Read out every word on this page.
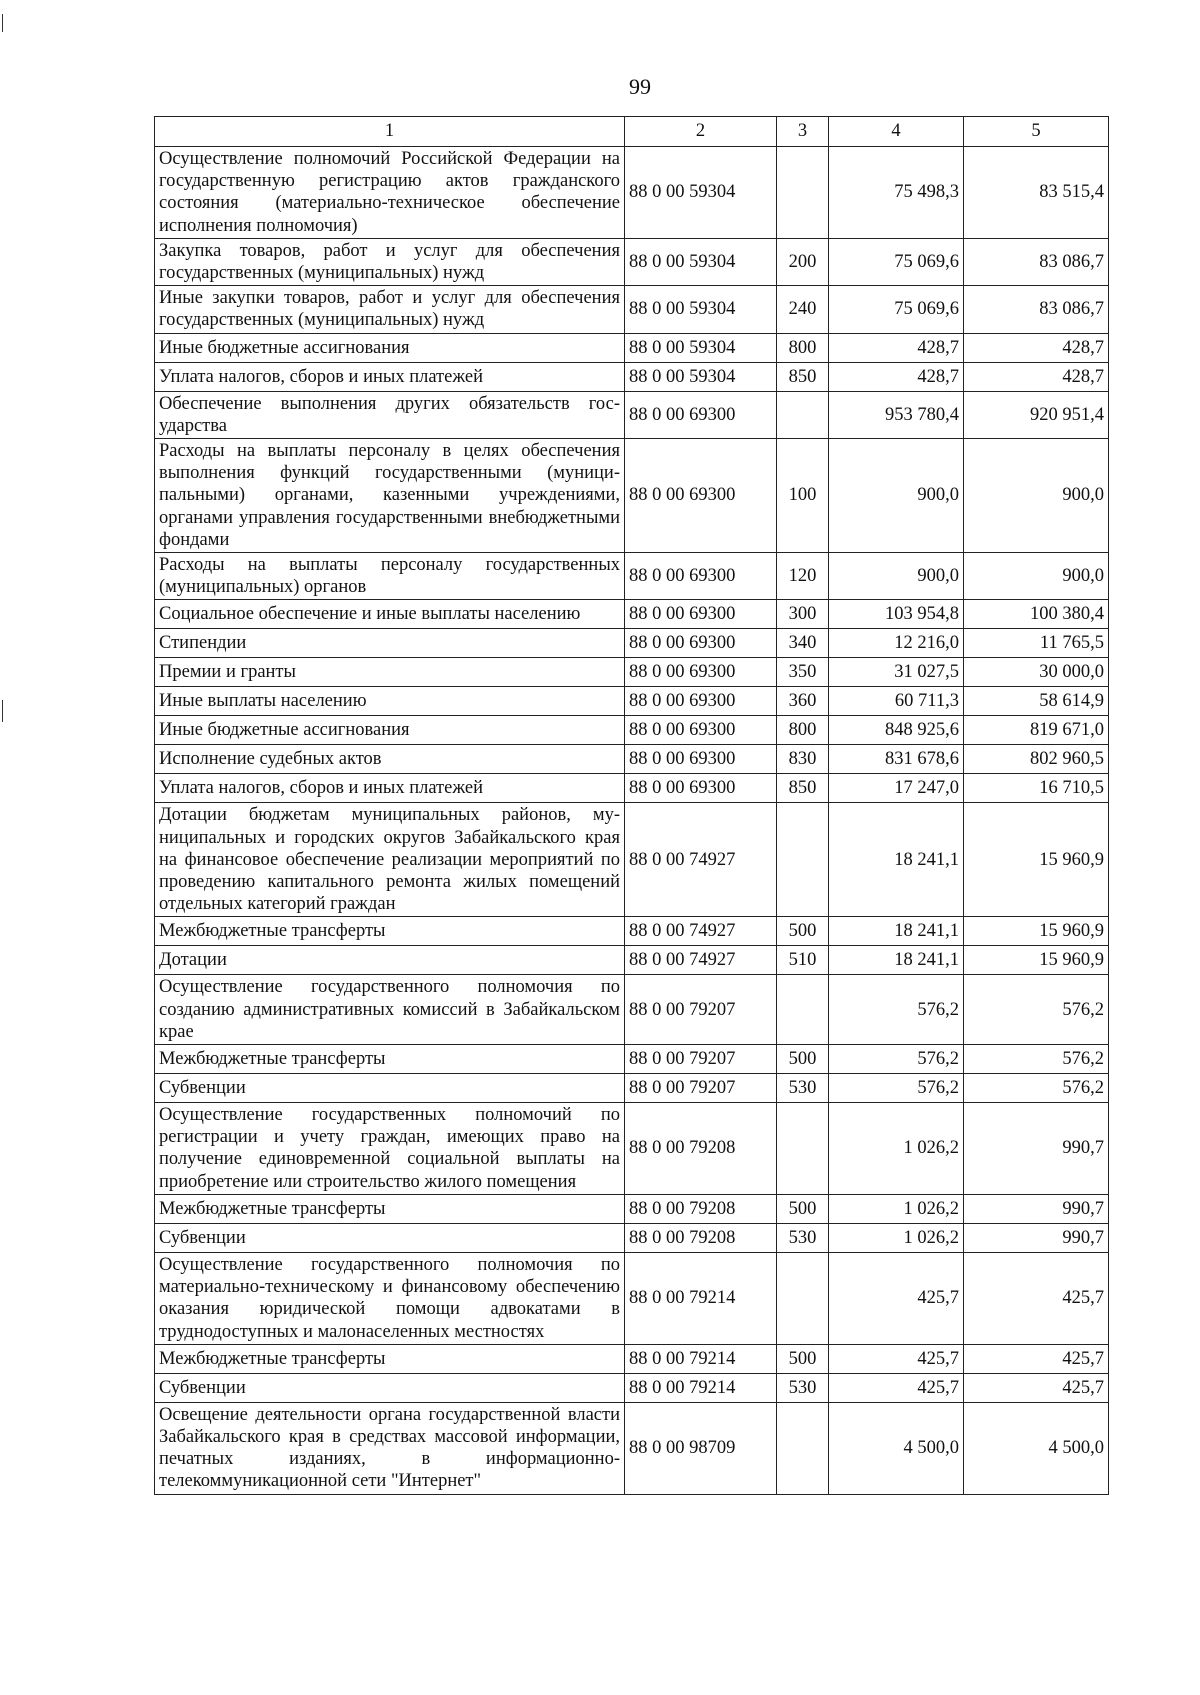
99
1	2	3	4	5
Осуществление полномочий Российской Федерации на государственную регистрацию актов гражданского состояния (материально-техническое обеспечение исполнения полномочия)	88 0 00 59304		75 498,3	83 515,4
Закупка товаров, работ и услуг для обеспечения государственных (муниципальных) нужд	88 0 00 59304	200	75 069,6	83 086,7
Иные закупки товаров, работ и услуг для обеспечения государственных (муниципальных) нужд	88 0 00 59304	240	75 069,6	83 086,7
Иные бюджетные ассигнования	88 0 00 59304	800	428,7	428,7
Уплата налогов, сборов и иных платежей	88 0 00 59304	850	428,7	428,7
Обеспечение выполнения других обязательств государства	88 0 00 69300		953 780,4	920 951,4
Расходы на выплаты персоналу в целях обеспечения выполнения функций государственными (муниципальными) органами, казенными учреждениями, органами управления государственными внебюджетными фондами	88 0 00 69300	100	900,0	900,0
Расходы на выплаты персоналу государственных (муниципальных) органов	88 0 00 69300	120	900,0	900,0
Социальное обеспечение и иные выплаты населению	88 0 00 69300	300	103 954,8	100 380,4
Стипендии	88 0 00 69300	340	12 216,0	11 765,5
Премии и гранты	88 0 00 69300	350	31 027,5	30 000,0
Иные выплаты населению	88 0 00 69300	360	60 711,3	58 614,9
Иные бюджетные ассигнования	88 0 00 69300	800	848 925,6	819 671,0
Исполнение судебных актов	88 0 00 69300	830	831 678,6	802 960,5
Уплата налогов, сборов и иных платежей	88 0 00 69300	850	17 247,0	16 710,5
Дотации бюджетам муниципальных районов, муниципальных и городских округов Забайкальского края на финансовое обеспечение реализации мероприятий по проведению капитального ремонта жилых помещений отдельных категорий граждан	88 0 00 74927		18 241,1	15 960,9
Межбюджетные трансферты	88 0 00 74927	500	18 241,1	15 960,9
Дотации	88 0 00 74927	510	18 241,1	15 960,9
Осуществление государственного полномочия по созданию административных комиссий в Забайкальском крае	88 0 00 79207		576,2	576,2
Межбюджетные трансферты	88 0 00 79207	500	576,2	576,2
Субвенции	88 0 00 79207	530	576,2	576,2
Осуществление государственных полномочий по регистрации и учету граждан, имеющих право на получение единовременной социальной выплаты на приобретение или строительство жилого помещения	88 0 00 79208		1 026,2	990,7
Межбюджетные трансферты	88 0 00 79208	500	1 026,2	990,7
Субвенции	88 0 00 79208	530	1 026,2	990,7
Осуществление государственного полномочия по материально-техническому и финансовому обеспечению оказания юридической помощи адвокатами в труднодоступных и малонаселенных местностях	88 0 00 79214		425,7	425,7
Межбюджетные трансферты	88 0 00 79214	500	425,7	425,7
Субвенции	88 0 00 79214	530	425,7	425,7
Освещение деятельности органа государственной власти Забайкальского края в средствах массовой информации, печатных изданиях, в информационно-телекоммуникационной сети "Интернет"	88 0 00 98709		4 500,0	4 500,0
